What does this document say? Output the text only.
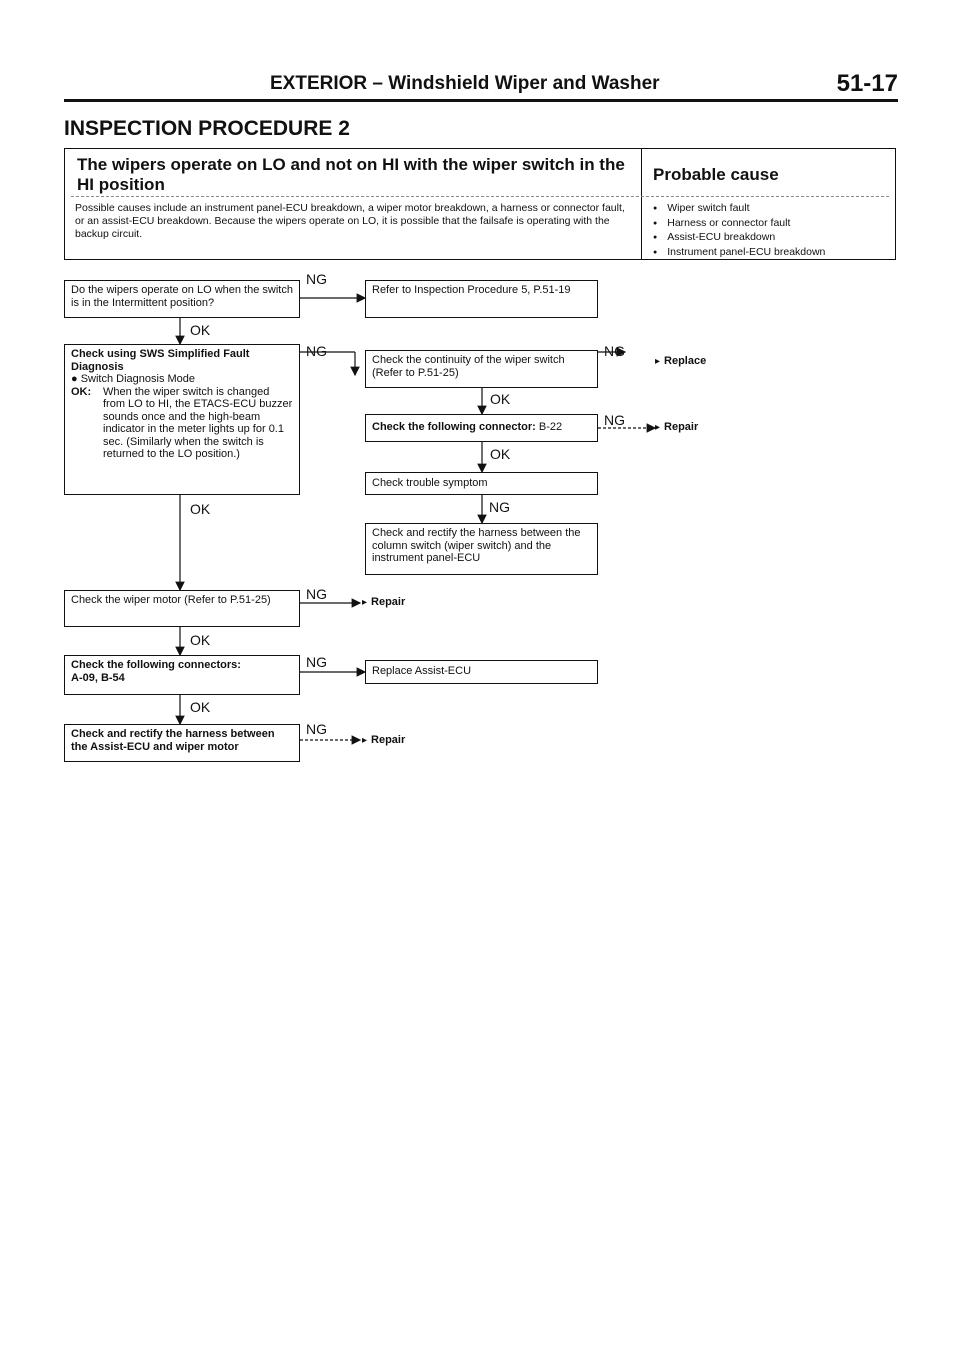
EXTERIOR – Windshield Wiper and Washer	51-17
INSPECTION PROCEDURE 2
The wipers operate on LO and not on HI with the wiper switch in the HI position
Probable cause
Possible causes include an instrument panel-ECU breakdown, a wiper motor breakdown, a harness or connector fault, or an assist-ECU breakdown. Because the wipers operate on LO, it is possible that the failsafe is operating with the backup circuit.
● Wiper switch fault
● Harness or connector fault
● Assist-ECU breakdown
● Instrument panel-ECU breakdown
Do the wipers operate on LO when the switch is in the Intermittent position?
Check using SWS Simplified Fault Diagnosis
● Switch Diagnosis Mode
OK:	When the wiper switch is changed from LO to HI, the ETACS-ECU buzzer sounds once and the high-beam indicator in the meter lights up for 0.1 sec. (Similarly when the switch is returned to the LO position.)
Check the wiper motor (Refer to P.51-25)
Check the following connectors:
A-09, B-54
Check and rectify the harness between the Assist-ECU and wiper motor
Refer to Inspection Procedure 5, P.51-19
Check the continuity of the wiper switch (Refer to P.51-25)
Check the following connector: B-22
Check trouble symptom
Check and rectify the harness between the column switch (wiper switch) and the instrument panel-ECU
Replace Assist-ECU
▸ Replace
▸ Repair
▸ Repair
▸ Repair
NG
NG	NG
NG
NG
NG
NG
NG
OK
OK
OK
OK
OK
OK
